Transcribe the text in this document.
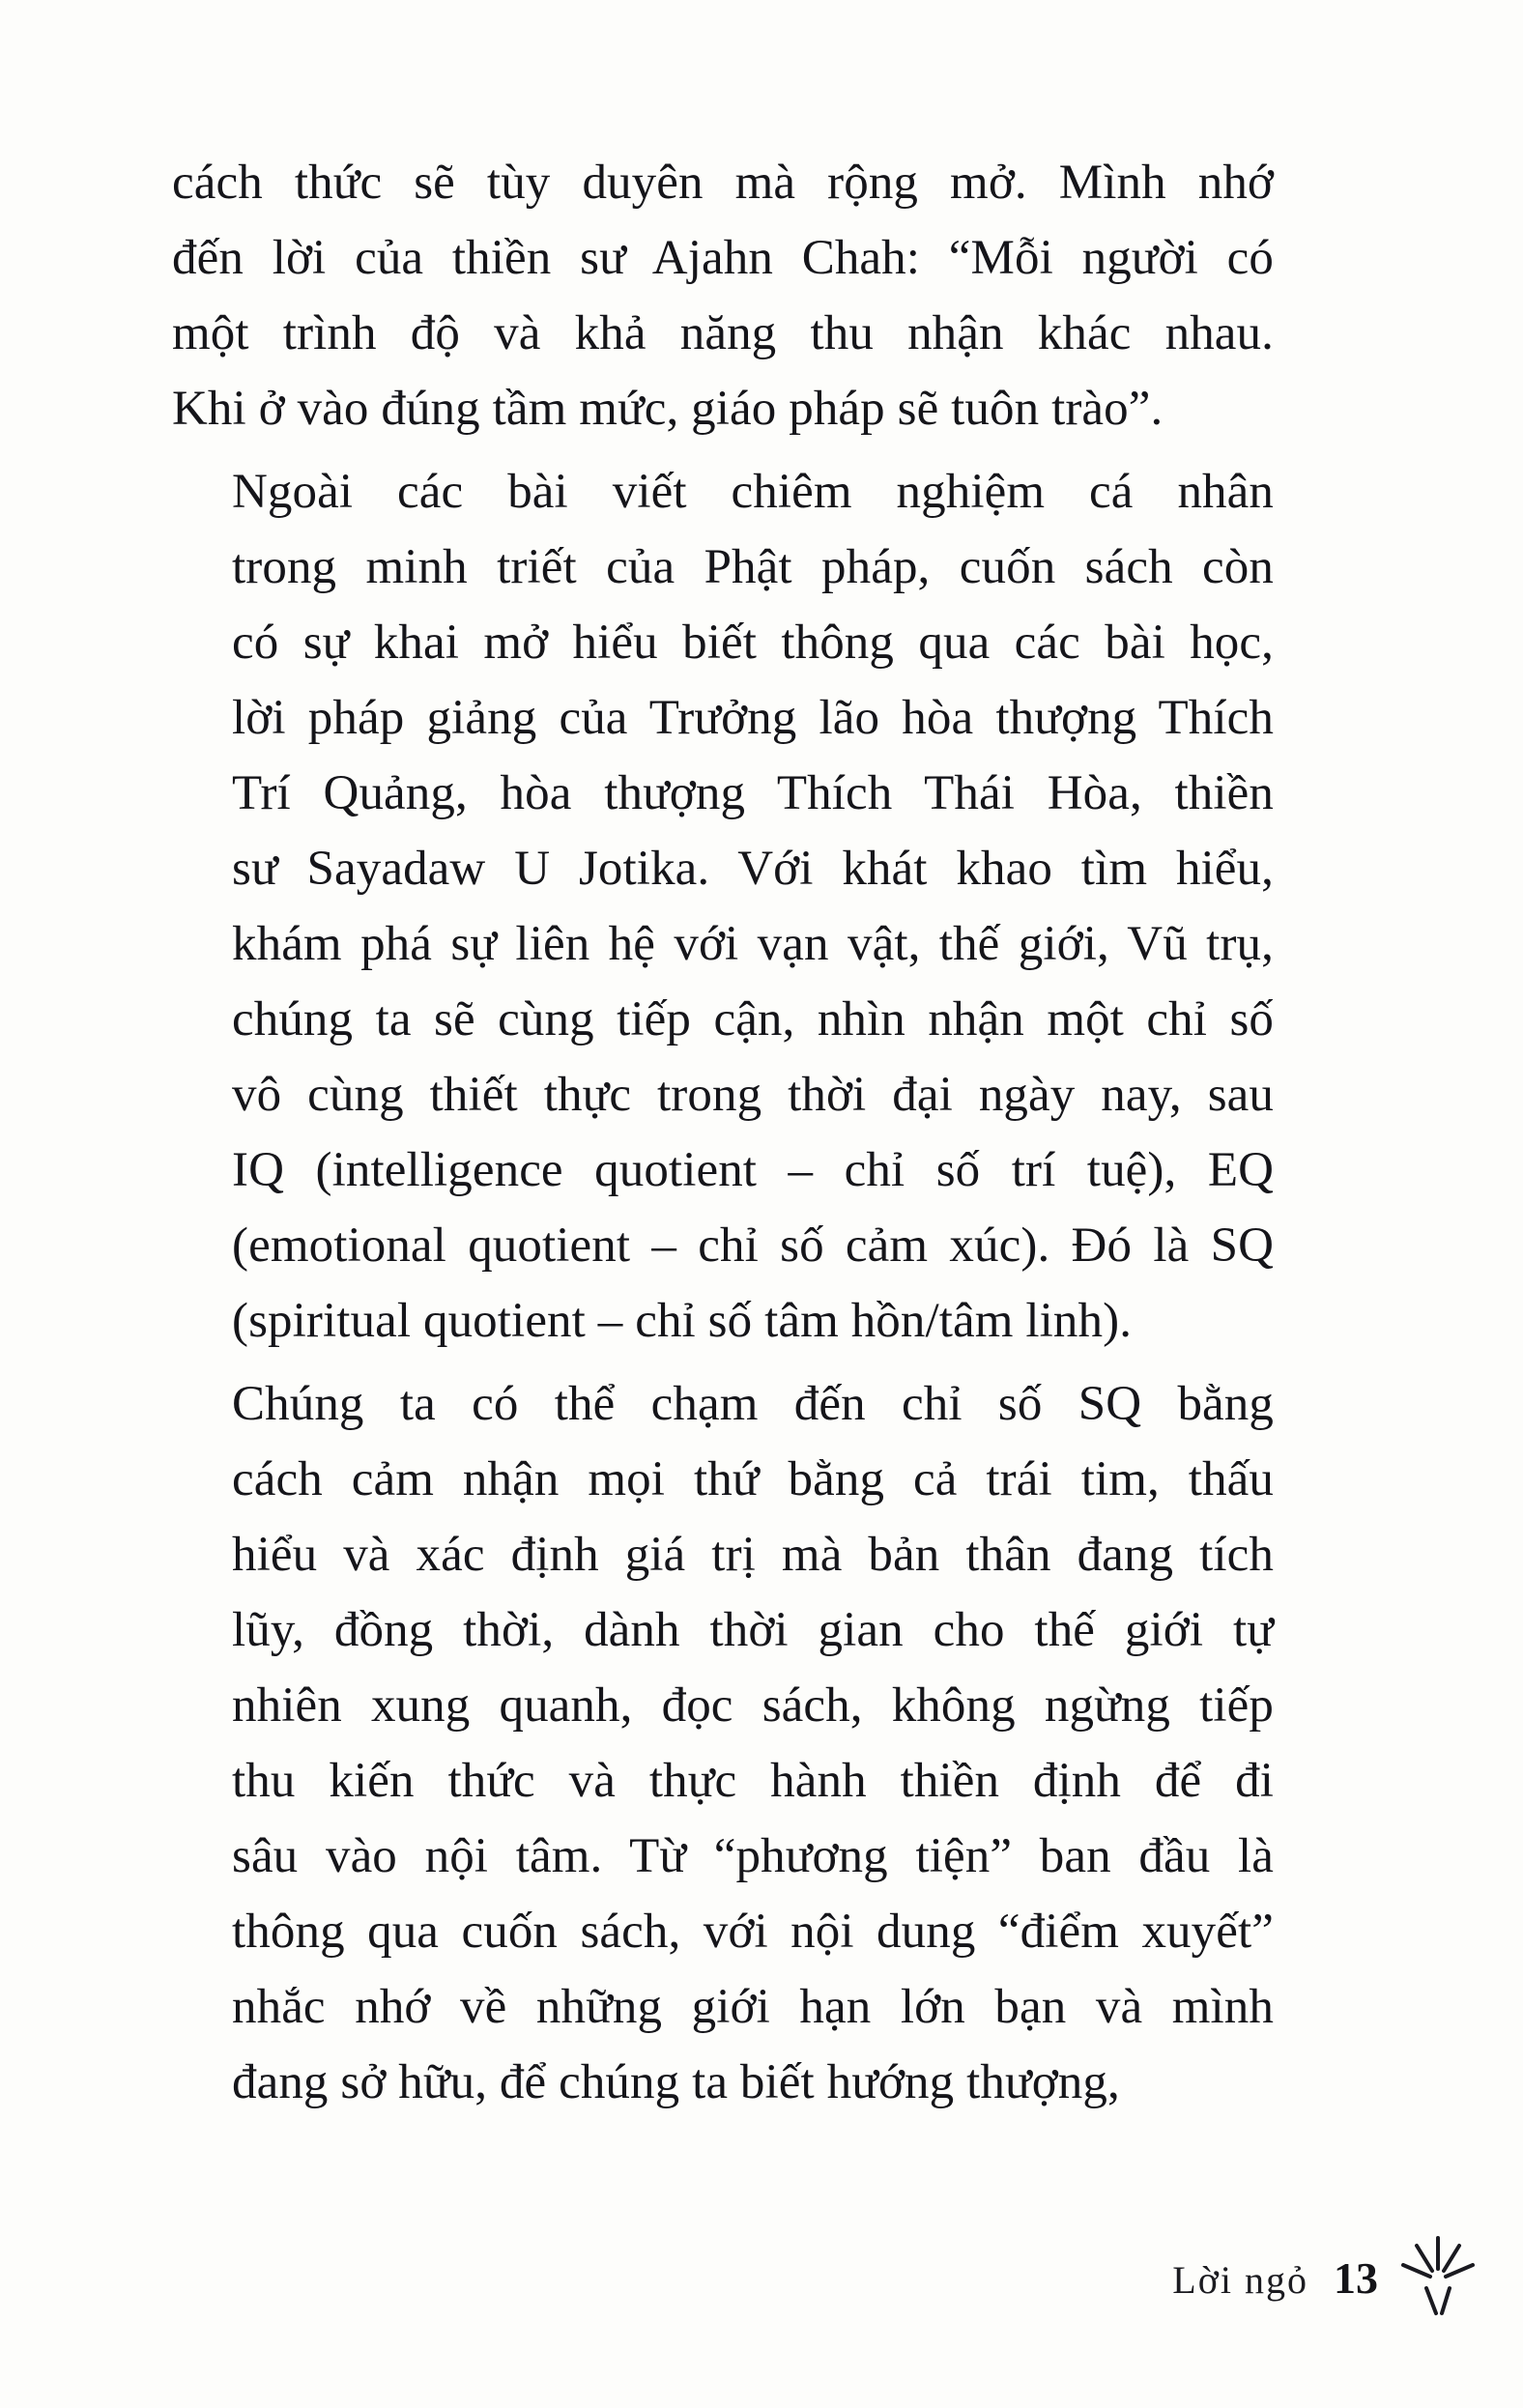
cách thức sẽ tùy duyên mà rộng mở. Mình nhớ
đến lời của thiền sư Ajahn Chah: “Mỗi người có
một trình độ và khả năng thu nhận khác nhau.
Khi ở vào đúng tầm mức, giáo pháp sẽ tuôn trào”.

Ngoài các bài viết chiêm nghiệm cá nhân
trong minh triết của Phật pháp, cuốn sách còn
có sự khai mở hiểu biết thông qua các bài học,
lời pháp giảng của Trưởng lão hòa thượng Thích
Trí Quảng, hòa thượng Thích Thái Hòa, thiền
sư Sayadaw U Jotika. Với khát khao tìm hiểu,
khám phá sự liên hệ với vạn vật, thế giới, Vũ trụ,
chúng ta sẽ cùng tiếp cận, nhìn nhận một chỉ số
vô cùng thiết thực trong thời đại ngày nay, sau
IQ (intelligence quotient – chỉ số trí tuệ), EQ
(emotional quotient – chỉ số cảm xúc). Đó là SQ
(spiritual quotient – chỉ số tâm hồn/tâm linh).

Chúng ta có thể chạm đến chỉ số SQ bằng
cách cảm nhận mọi thứ bằng cả trái tim, thấu
hiểu và xác định giá trị mà bản thân đang tích
lũy, đồng thời, dành thời gian cho thế giới tự
nhiên xung quanh, đọc sách, không ngừng tiếp
thu kiến thức và thực hành thiền định để đi
sâu vào nội tâm. Từ “phương tiện” ban đầu là
thông qua cuốn sách, với nội dung “điểm xuyết”
nhắc nhớ về những giới hạn lớn bạn và mình
đang sở hữu, để chúng ta biết hướng thượng,

Lời ngỏ 13
